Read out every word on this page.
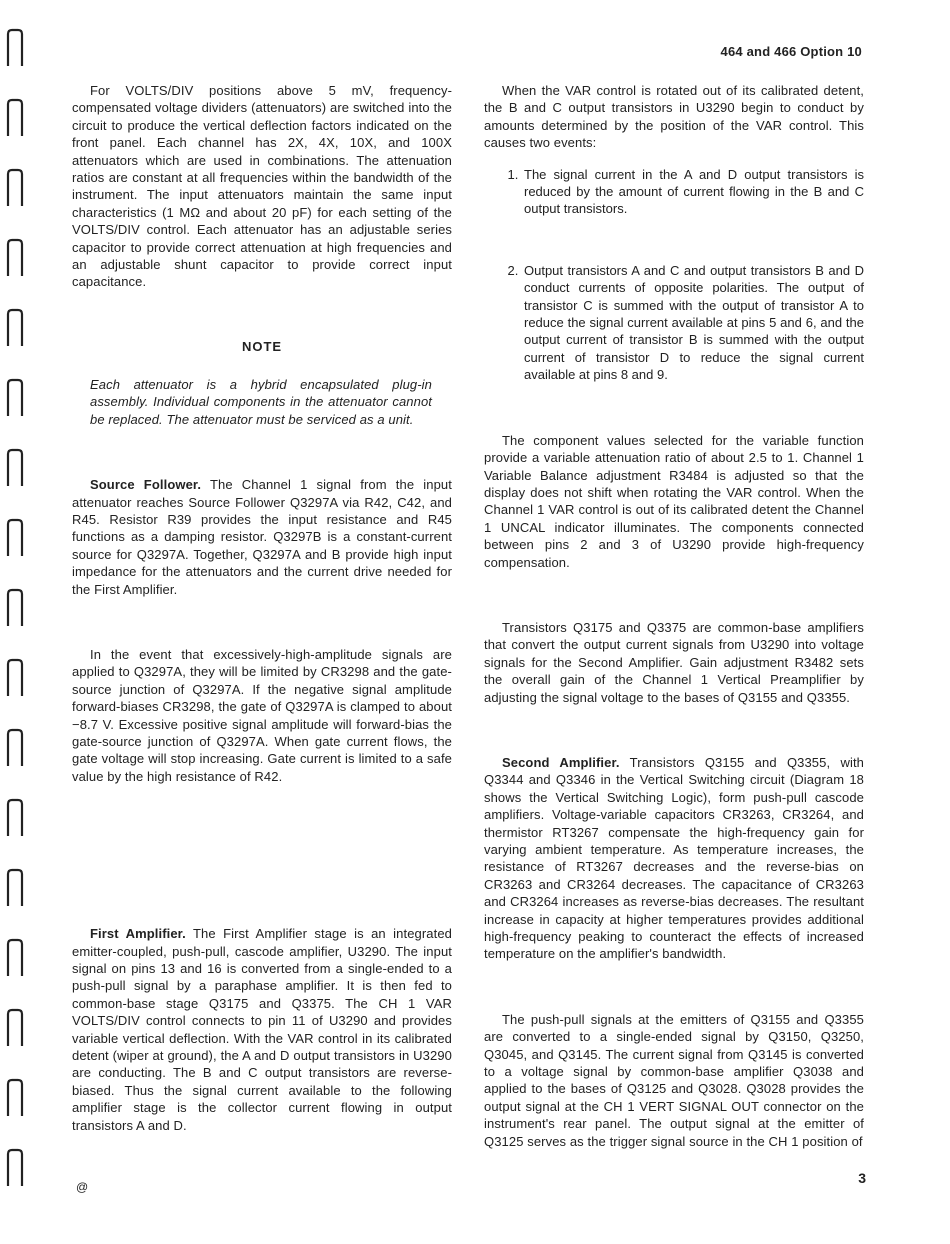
464 and 466 Option 10

For VOLTS/DIV positions above 5 mV, frequency-compensated voltage dividers (attenuators) are switched into the circuit to produce the vertical deflection factors indicated on the front panel. Each channel has 2X, 4X, 10X, and 100X attenuators which are used in combinations. The attenuation ratios are constant at all frequencies within the bandwidth of the instrument. The input attenuators maintain the same input characteristics (1 MΩ and about 20 pF) for each setting of the VOLTS/DIV control. Each attenuator has an adjustable series capacitor to provide correct attenuation at high frequencies and an adjustable shunt capacitor to provide correct input capacitance.

NOTE

Each attenuator is a hybrid encapsulated plug-in assembly. Individual components in the attenuator cannot be replaced. The attenuator must be serviced as a unit.

Source Follower. The Channel 1 signal from the input attenuator reaches Source Follower Q3297A via R42, C42, and R45. Resistor R39 provides the input resistance and R45 functions as a damping resistor. Q3297B is a constant-current source for Q3297A. Together, Q3297A and B provide high input impedance for the attenuators and the current drive needed for the First Amplifier.

In the event that excessively-high-amplitude signals are applied to Q3297A, they will be limited by CR3298 and the gate-source junction of Q3297A. If the negative signal amplitude forward-biases CR3298, the gate of Q3297A is clamped to about −8.7 V. Excessive positive signal amplitude will forward-bias the gate-source junction of Q3297A. When gate current flows, the gate voltage will stop increasing. Gate current is limited to a safe value by the high resistance of R42.

First Amplifier. The First Amplifier stage is an integrated emitter-coupled, push-pull, cascode amplifier, U3290. The input signal on pins 13 and 16 is converted from a single-ended to a push-pull signal by a paraphase amplifier. It is then fed to common-base stage Q3175 and Q3375. The CH 1 VAR VOLTS/DIV control connects to pin 11 of U3290 and provides variable vertical deflection. With the VAR control in its calibrated detent (wiper at ground), the A and D output transistors in U3290 are conducting. The B and C output transistors are reverse-biased. Thus the signal current available to the following amplifier stage is the collector current flowing in output transistors A and D.

When the VAR control is rotated out of its calibrated detent, the B and C output transistors in U3290 begin to conduct by amounts determined by the position of the VAR control. This causes two events:

1. The signal current in the A and D output transistors is reduced by the amount of current flowing in the B and C output transistors.
2. Output transistors A and C and output transistors B and D conduct currents of opposite polarities. The output of transistor C is summed with the output of transistor A to reduce the signal current available at pins 5 and 6, and the output current of transistor B is summed with the output current of transistor D to reduce the signal current available at pins 8 and 9.

The component values selected for the variable function provide a variable attenuation ratio of about 2.5 to 1. Channel 1 Variable Balance adjustment R3484 is adjusted so that the display does not shift when rotating the VAR control. When the Channel 1 VAR control is out of its calibrated detent the Channel 1 UNCAL indicator illuminates. The components connected between pins 2 and 3 of U3290 provide high-frequency compensation.

Transistors Q3175 and Q3375 are common-base amplifiers that convert the output current signals from U3290 into voltage signals for the Second Amplifier. Gain adjustment R3482 sets the overall gain of the Channel 1 Vertical Preamplifier by adjusting the signal voltage to the bases of Q3155 and Q3355.

Second Amplifier. Transistors Q3155 and Q3355, with Q3344 and Q3346 in the Vertical Switching circuit (Diagram 18 shows the Vertical Switching Logic), form push-pull cascode amplifiers. Voltage-variable capacitors CR3263, CR3264, and thermistor RT3267 compensate the high-frequency gain for varying ambient temperature. As temperature increases, the resistance of RT3267 decreases and the reverse-bias on CR3263 and CR3264 decreases. The capacitance of CR3263 and CR3264 increases as reverse-bias decreases. The resultant increase in capacity at higher temperatures provides additional high-frequency peaking to counteract the effects of increased temperature on the amplifier's bandwidth.

The push-pull signals at the emitters of Q3155 and Q3355 are converted to a single-ended signal by Q3150, Q3250, Q3045, and Q3145. The current signal from Q3145 is converted to a voltage signal by common-base amplifier Q3038 and applied to the bases of Q3125 and Q3028. Q3028 provides the output signal at the CH 1 VERT SIGNAL OUT connector on the instrument's rear panel. The output signal at the emitter of Q3125 serves as the trigger signal source in the CH 1 position of

@
3
